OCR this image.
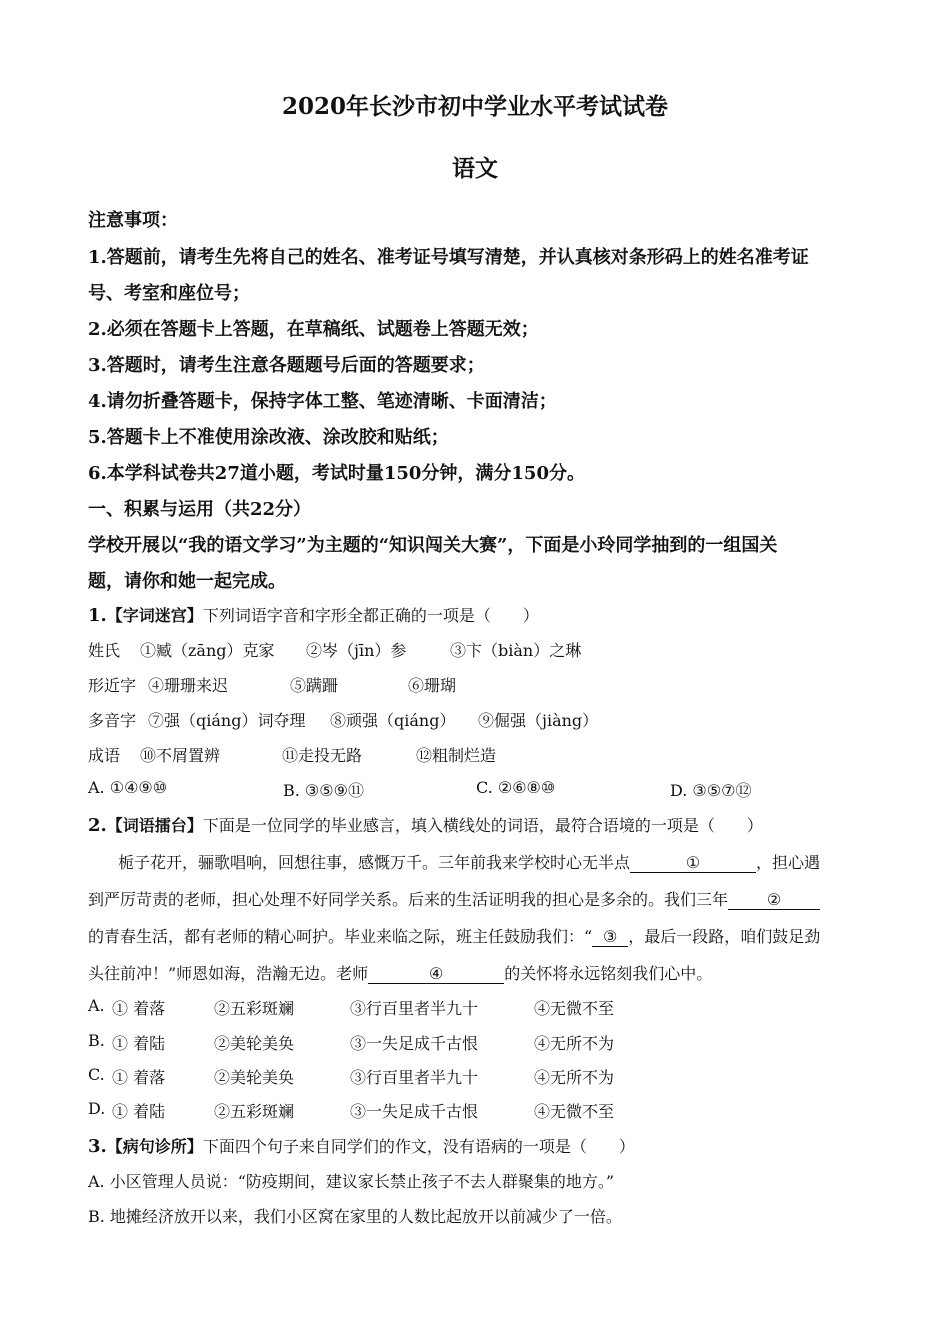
2020年长沙市初中学业水平考试试卷
语文
注意事项：
1.答题前，请考生先将自己的姓名、准考证号填写清楚，并认真核对条形码上的姓名准考证
号、考室和座位号；
2.必须在答题卡上答题，在草稿纸、试题卷上答题无效；
3.答题时，请考生注意各题题号后面的答题要求；
4.请勿折叠答题卡，保持字体工整、笔迹清晰、卡面清洁；
5.答题卡上不准使用涂改液、涂改胶和贴纸；
6.本学科试卷共27道小题，考试时量150分钟，满分150分。
一、积累与运用（共22分）
学校开展以“我的语文学习”为主题的“知识闯关大赛”，下面是小玲同学抽到的一组国关
题，请你和她一起完成。
1.【字词迷宫】下列词语字音和字形全都正确的一项是（　　）
姓氏 ①臧（zāng）克家 ②岑（jīn）参	③卞（biàn）之琳
形近字 ④珊珊来迟	⑤蹒跚	⑥珊瑚
多音字 ⑦强（qiáng）词夺理 ⑧顽强（qiáng） ⑨倔强（jiàng）
成语 ⑩不屑置辨	⑪走投无路	⑫粗制烂造
A. ①④⑨⑩	B. ③⑤⑨⑪	C. ②⑥⑧⑩	D. ③⑤⑦⑫
2.【词语擂台】下面是一位同学的毕业感言，填入横线处的词语，最符合语境的一项是（　　）
栀子花开，骊歌唱响，回想往事，感慨万千。三年前我来学校时心无半点	①	，担心遇
到严厉苛责的老师，担心处理不好同学关系。后来的生活证明我的担心是多余的。我们三年 ②
的青春生活，都有老师的精心呵护。毕业来临之际，班主任鼓励我们：“ ③ ，最后一段路，咱们鼓足劲
头往前冲！”师恩如海，浩瀚无边。老师	④	的关怀将永远铭刻我们心中。
A. ① 着落	②五彩斑斓	③行百里者半九十	④无微不至
B. ① 着陆	②美轮美奂	③一失足成千古恨	④无所不为
C. ① 着落	②美轮美奂	③行百里者半九十	④无所不为
D. ① 着陆	②五彩斑斓	③一失足成千古恨	④无微不至
3.【病句诊所】下面四个句子来自同学们的作文，没有语病的一项是（　　）
A. 小区管理人员说：“防疫期间，建议家长禁止孩子不去人群聚集的地方。”
B. 地摊经济放开以来，我们小区窝在家里的人数比起放开以前减少了一倍。
